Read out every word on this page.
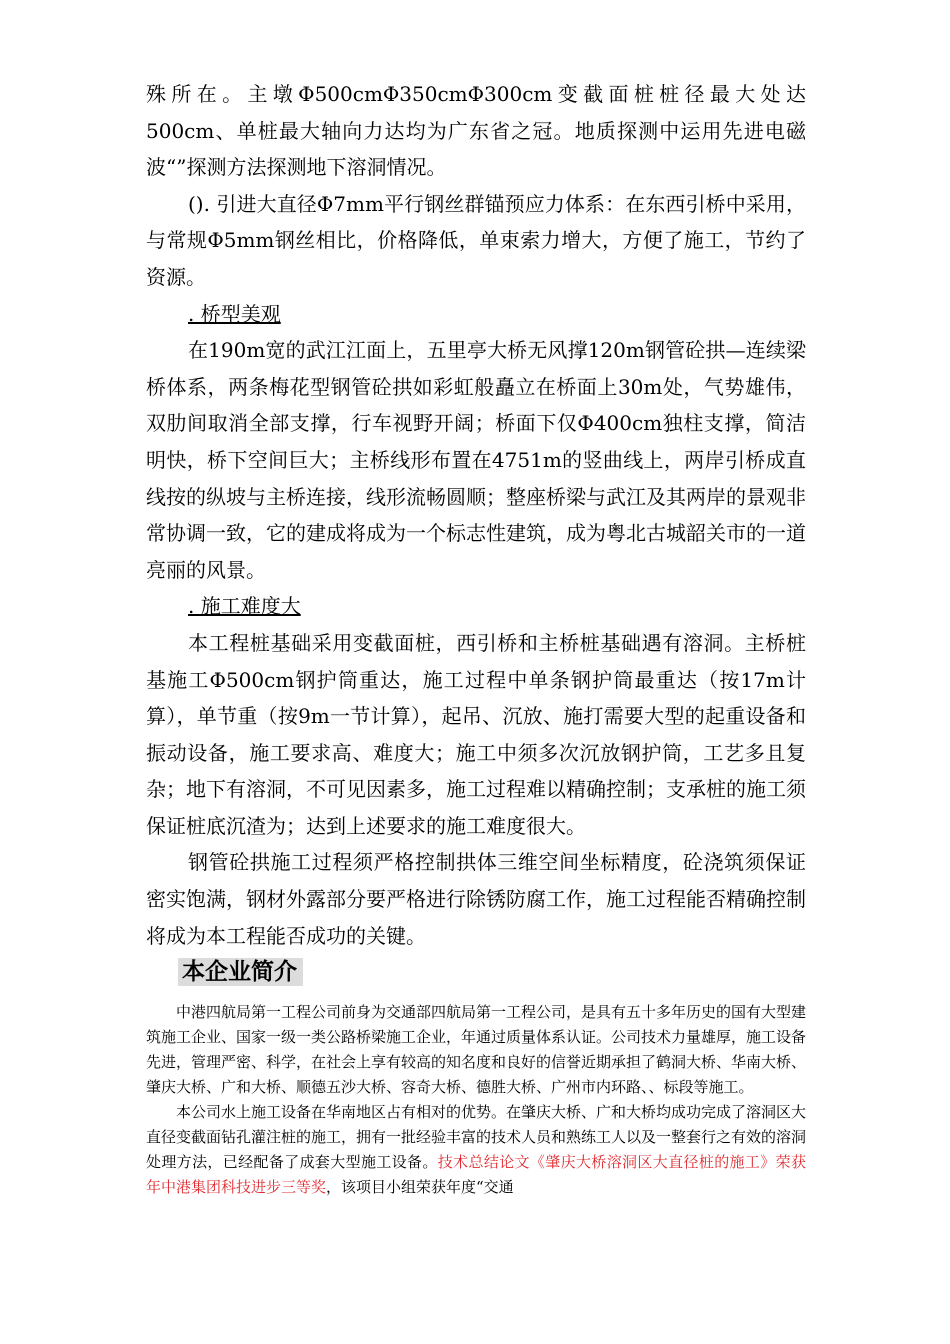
殊所在。主墩Φ500cmΦ350cmΦ300cm变截面桩桩径最大处达500cm、单桩最大轴向力达均为广东省之冠。地质探测中运用先进电磁波“”探测方法探测地下溶洞情况。

(). 引进大直径Φ7mm平行钢丝群锚预应力体系：在东西引桥中采用，与常规Φ5mm钢丝相比，价格降低，单束索力增大，方便了施工，节约了资源。

. 桥型美观

在190m宽的武江江面上，五里亭大桥无风撑120m钢管砼拱—连续梁桥体系，两条梅花型钢管砼拱如彩虹般矗立在桥面上30m处，气势雄伟，双肋间取消全部支撑，行车视野开阔；桥面下仅Φ400cm独柱支撑，简洁明快，桥下空间巨大；主桥线形布置在4751m的竖曲线上，两岸引桥成直线按的纵坡与主桥连接，线形流畅圆顺；整座桥梁与武江及其两岸的景观非常协调一致，它的建成将成为一个标志性建筑，成为粤北古城韶关市的一道亮丽的风景。

. 施工难度大

本工程桩基础采用变截面桩，西引桥和主桥桩基础遇有溶洞。主桥桩基施工Φ500cm钢护筒重达，施工过程中单条钢护筒最重达（按17m计算），单节重（按9m一节计算），起吊、沉放、施打需要大型的起重设备和振动设备，施工要求高、难度大；施工中须多次沉放钢护筒，工艺多且复杂；地下有溶洞，不可见因素多，施工过程难以精确控制；支承桩的施工须保证桩底沉渣为；达到上述要求的施工难度很大。

钢管砼拱施工过程须严格控制拱体三维空间坐标精度，砼浇筑须保证密实饱满，钢材外露部分要严格进行除锈防腐工作，施工过程能否精确控制将成为本工程能否成功的关键。

本企业简介

中港四航局第一工程公司前身为交通部四航局第一工程公司，是具有五十多年历史的国有大型建筑施工企业、国家一级一类公路桥梁施工企业，年通过质量体系认证。公司技术力量雄厚，施工设备先进，管理严密、科学，在社会上享有较高的知名度和良好的信誉近期承担了鹤洞大桥、华南大桥、肇庆大桥、广和大桥、顺德五沙大桥、容奇大桥、德胜大桥、广州市内环路、、标段等施工。

本公司水上施工设备在华南地区占有相对的优势。在肇庆大桥、广和大桥均成功完成了溶洞区大直径变截面钻孔灌注桩的施工，拥有一批经验丰富的技术人员和熟练工人以及一整套行之有效的溶洞处理方法，已经配备了成套大型施工设备。技术总结论文《肇庆大桥溶洞区大直径桩的施工》荣获年中港集团科技进步三等奖，该项目小组荣获年度“交通
